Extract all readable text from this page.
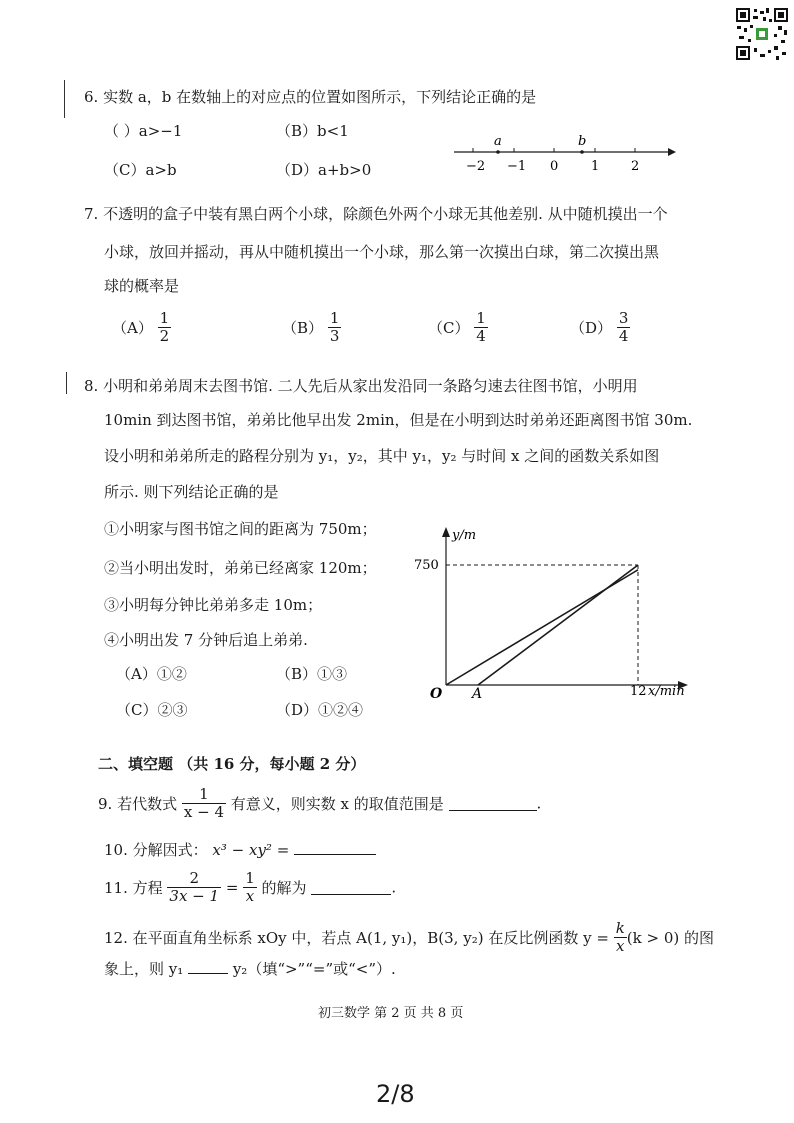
6. 实数 a，b 在数轴上的对应点的位置如图所示，下列结论正确的是
（ ）a>−1	（B）b<1
（C）a>b	（D）a+b>0	−2 −1 0	1 2
a	b
7. 不透明的盒子中装有黑白两个小球，除颜色外两个小球无其他差别. 从中随机摸出一个
小球，放回并摇动，再从中随机摸出一个小球，那么第一次摸出白球，第二次摸出黑
球的概率是
$(A) \frac{1}{2}$	$(B) \frac{1}{3}$	$(C) \frac{1}{4}$	$(D) \frac{3}{4}$
8. 小明和弟弟周末去图书馆. 二人先后从家出发沿同一条路匀速去往图书馆，小明用
10min 到达图书馆，弟弟比他早出发 2min，但是在小明到达时弟弟还距离图书馆 30m.
设小明和弟弟所走的路程分别为 y₁，y₂，其中 y₁，y₂ 与时间 x 之间的函数关系如图
所示. 则下列结论正确的是
①小明家与图书馆之间的距离为 750m；
②当小明出发时，弟弟已经离家 120m；
③小明每分钟比弟弟多走 10m；
④小明出发 7 分钟后追上弟弟.
（A）①②	（B）①③
（C）②③	（D）①②④
y/m
x/min
750
12
O A
二、填空题 （共 16 分，每小题 2 分）
9. 若代数式 $\frac{1}{x - 4}$ 有意义，则实数 x 的取值范围是	.
10. 分解因式： x³ − xy² =
11. 方程 $\frac{2}{3x - 1} = \frac{1}{x}$ 的解为	.
12. 在平面直角坐标系 xOy 中，若点 A(1, y₁)，B(3, y₂) 在反比例函数 $y = \frac{k}{x} (k > 0)$ 的图
象上，则 y₁	y₂（填“>”“=”或“<”）.
初三数学 第 2 页 共 8 页
2/8
